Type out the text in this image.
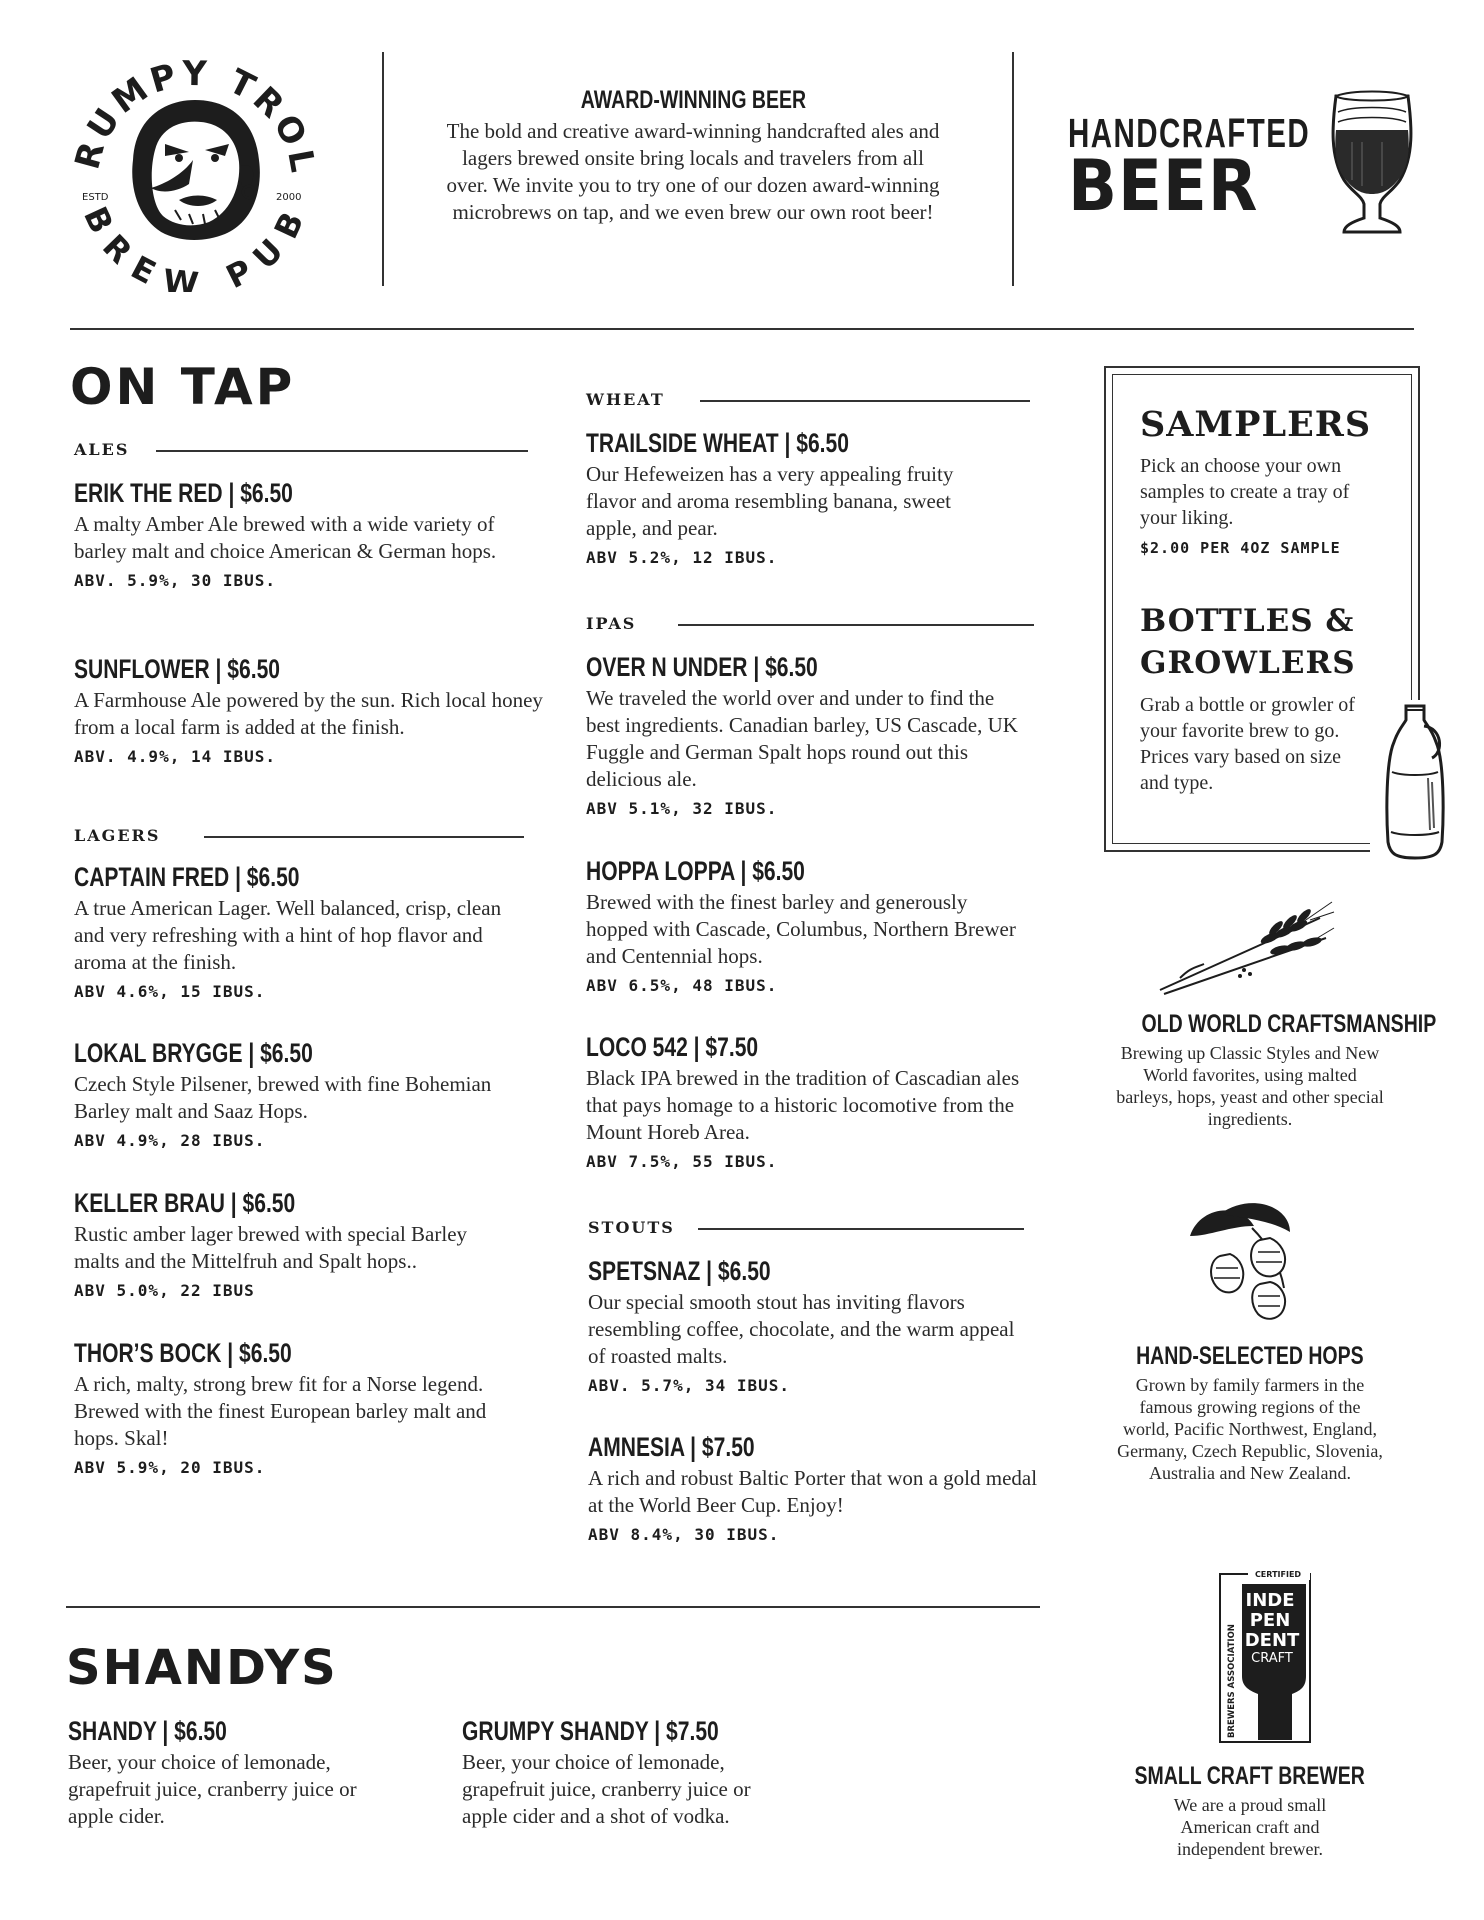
RUMPY TROL
BREW PUB
ESTD	2000
AWARD-WINNING BEER
The bold and creative award-winning handcrafted ales and lagers brewed onsite bring locals and travelers from all over. We invite you to try one of our dozen award-winning microbrews on tap, and we even brew our own root beer!
HANDCRAFTED
BEER
ON TAP
ALES
ERIK THE RED | $6.50
A malty Amber Ale brewed with a wide variety of barley malt and choice American & German hops.
ABV. 5.9%, 30 IBUS.
SUNFLOWER | $6.50
A Farmhouse Ale powered by the sun. Rich local honey from a local farm is added at the finish.
ABV. 4.9%, 14 IBUS.
LAGERS
CAPTAIN FRED | $6.50
A true American Lager. Well balanced, crisp, clean and very refreshing with a hint of hop flavor and aroma at the finish.
ABV 4.6%, 15 IBUS.
LOKAL BRYGGE | $6.50
Czech Style Pilsener, brewed with fine Bohemian Barley malt and Saaz Hops.
ABV 4.9%, 28 IBUS.
KELLER BRAU | $6.50
Rustic amber lager brewed with special Barley malts and the Mittelfruh and Spalt hops..
ABV 5.0%, 22 IBUS
THOR’S BOCK | $6.50
A rich, malty, strong brew fit for a Norse legend. Brewed with the finest European barley malt and hops. Skal!
ABV 5.9%, 20 IBUS.
WHEAT
TRAILSIDE WHEAT | $6.50
Our Hefeweizen has a very appealing fruity flavor and aroma resembling banana, sweet apple, and pear.
ABV 5.2%, 12 IBUS.
IPAS
OVER N UNDER | $6.50
We traveled the world over and under to find the best ingredients. Canadian barley, US Cascade, UK Fuggle and German Spalt hops round out this delicious ale.
ABV 5.1%, 32 IBUS.
HOPPA LOPPA | $6.50
Brewed with the finest barley and generously hopped with Cascade, Columbus, Northern Brewer and Centennial hops.
ABV 6.5%, 48 IBUS.
LOCO 542 | $7.50
Black IPA brewed in the tradition of Cascadian ales that pays homage to a historic locomotive from the Mount Horeb Area.
ABV 7.5%, 55 IBUS.
STOUTS
SPETSNAZ | $6.50
Our special smooth stout has inviting flavors resembling coffee, chocolate, and the warm appeal of roasted malts.
ABV. 5.7%, 34 IBUS.
AMNESIA | $7.50
A rich and robust Baltic Porter that won a gold medal at the World Beer Cup. Enjoy!
ABV 8.4%, 30 IBUS.
SAMPLERS
Pick an choose your own samples to create a tray of your liking.
$2.00 PER 4OZ SAMPLE
BOTTLES &
GROWLERS
Grab a bottle or growler of your favorite brew to go. Prices vary based on size and type.
OLD WORLD CRAFTSMANSHIP
Brewing up Classic Styles and New World favorites, using malted barleys, hops, yeast and other special ingredients.
HAND-SELECTED HOPS
Grown by family farmers in the famous growing regions of the world, Pacific Northwest, England, Germany, Czech Republic, Slovenia, Australia and New Zealand.
CERTIFIED
INDE
PEN
DENT
CRAFT
BREWERS ASSOCIATION
SMALL CRAFT BREWER
We are a proud small American craft and independent brewer.
SHANDYS
SHANDY | $6.50
Beer, your choice of lemonade, grapefruit juice, cranberry juice or apple cider.
GRUMPY SHANDY | $7.50
Beer, your choice of lemonade, grapefruit juice, cranberry juice or apple cider and a shot of vodka.
